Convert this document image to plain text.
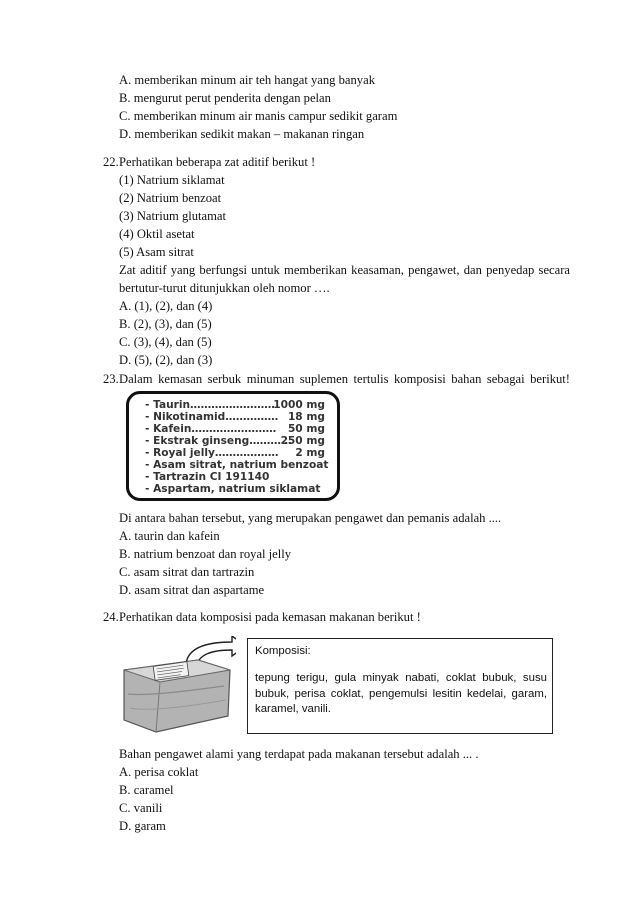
A. memberikan minum air teh hangat yang banyak
B. mengurut perut penderita dengan pelan
C. memberikan minum air manis campur sedikit garam
D. memberikan sedikit makan – makanan ringan
22. Perhatikan beberapa zat aditif berikut !
(1) Natrium siklamat
(2) Natrium benzoat
(3) Natrium glutamat
(4) Oktil asetat
(5) Asam sitrat
Zat aditif yang berfungsi untuk memberikan keasaman, pengawet, dan penyedap secara
bertutur-turut ditunjukkan oleh nomor ….
A. (1), (2), dan (4)
B. (2), (3), dan (5)
C. (3), (4), dan (5)
D. (5), (2), dan (3)
23. Dalam kemasan serbuk minuman suplemen tertulis komposisi bahan sebagai berikut!
- Taurin……………………
1000 mg
- Nikotinamid…………… 18 mg
- Kafein…………………… 50 mg
- Ekstrak ginseng…………
250 mg
- Royal jelly……………… 2 mg
- Asam sitrat, natrium benzoat
- Tartrazin CI 191140
- Aspartam, natrium siklamat
Di antara bahan tersebut, yang merupakan pengawet dan pemanis adalah ....
A. taurin dan kafein
B. natrium benzoat dan royal jelly
C. asam sitrat dan tartrazin
D. asam sitrat dan aspartame
24. Perhatikan data komposisi pada kemasan makanan berikut !
Komposisi:
tepung terigu, gula minyak nabati, coklat bubuk, susu bubuk, perisa coklat, pengemulsi lesitin kedelai, garam, karamel, vanili.
Bahan pengawet alami yang terdapat pada makanan tersebut adalah ... .
A. perisa coklat
B. caramel
C. vanili
D. garam
